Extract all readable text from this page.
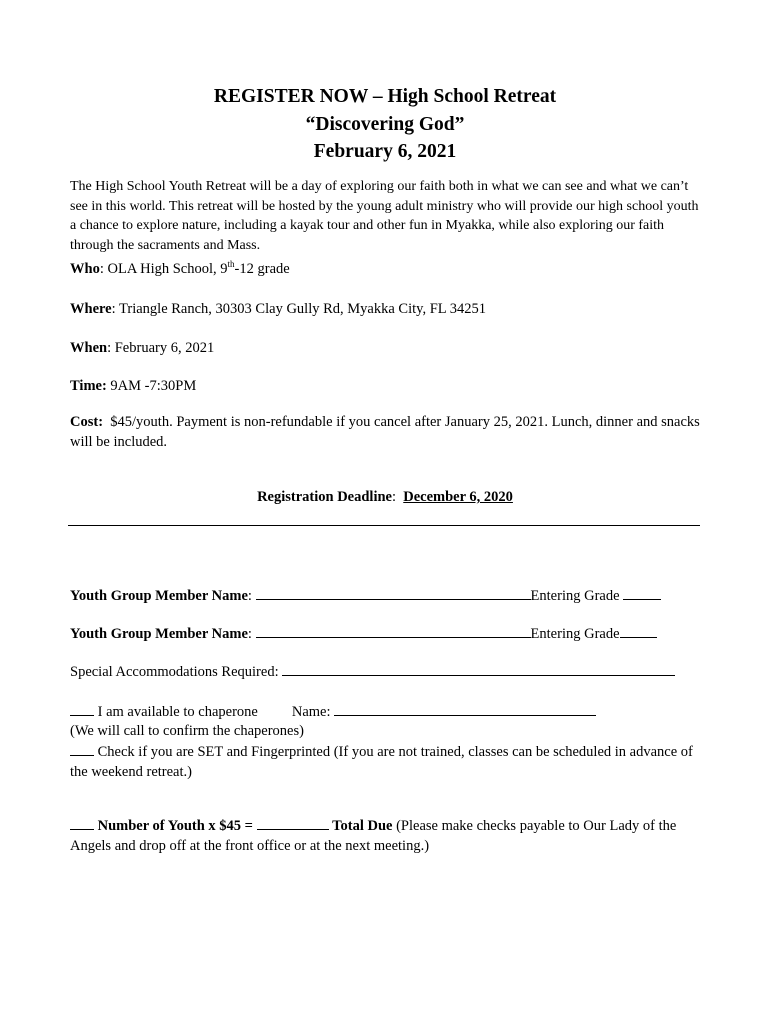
REGISTER NOW – High School Retreat
“Discovering God”
February 6, 2021
The High School Youth Retreat will be a day of exploring our faith both in what we can see and what we can’t see in this world. This retreat will be hosted by the young adult ministry who will provide our high school youth a chance to explore nature, including a kayak tour and other fun in Myakka, while also exploring our faith through the sacraments and Mass.
Who: OLA High School, 9th-12 grade
Where: Triangle Ranch, 30303 Clay Gully Rd, Myakka City, FL 34251
When: February 6, 2021
Time: 9AM -7:30PM
Cost: $45/youth. Payment is non-refundable if you cancel after January 25, 2021. Lunch, dinner and snacks will be included.
Registration Deadline:  December 6, 2020
Youth Group Member Name:	Entering Grade
Youth Group Member Name:	Entering Grade
Special Accommodations Required:
I am available to chaperone Name:
(We will call to confirm the chaperones)
Check if you are SET and Fingerprinted (If you are not trained, classes can be scheduled in advance of the weekend retreat.)
Number of Youth x $45 =	Total Due (Please make checks payable to Our Lady of the Angels and drop off at the front office or at the next meeting.)
